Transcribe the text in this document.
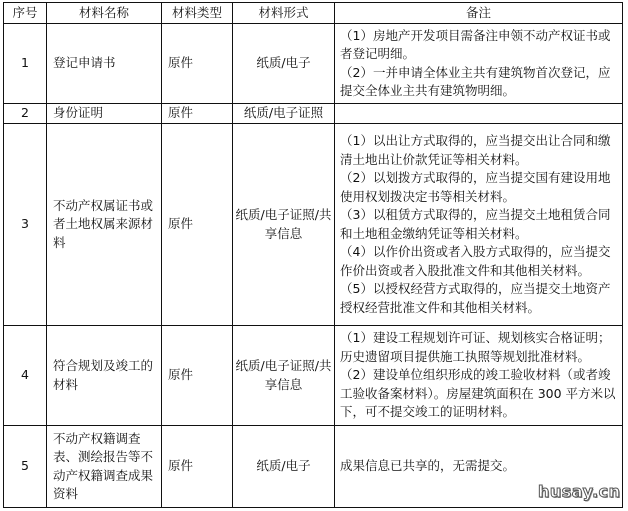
序号	材料名称	材料类型	材料形式	备注
1	登记申请书	原件	纸质/电子	（1）房地产开发项目需备注申领不动产权证书或者登记明细。
（2）一并申请全体业主共有建筑物首次登记，应提交全体业主共有建筑物明细。

2	身份证明	原件	纸质/电子证照	
3	不动产权属证书或者土地权属来源材料	原件	纸质/电子证照/共享信息	（1）以出让方式取得的，应当提交出让合同和缴清土地出让价款凭证等相关材料。
（2）以划拨方式取得的，应当提交国有建设用地使用权划拨决定书等相关材料。
（3）以租赁方式取得的，应当提交土地租赁合同和土地租金缴纳凭证等相关材料。
（4）以作价出资或者入股方式取得的，应当提交作价出资或者入股批准文件和其他相关材料。
（5）以授权经营方式取得的，应当提交土地资产授权经营批准文件和其他相关材料。

4	符合规划及竣工的材料	原件	纸质/电子证照/共享信息	（1）建设工程规划许可证、规划核实合格证明；历史遗留项目提供施工执照等规划批准材料。
（2）建设单位组织形成的竣工验收材料（或者竣工验收备案材料）。房屋建筑面积在 300 平方米以下，可不提交竣工的证明材料。

5	不动产权籍调查表、测绘报告等不动产权籍调查成果资料	原件	纸质/电子	成果信息已共享的，无需提交。
husay.cn
